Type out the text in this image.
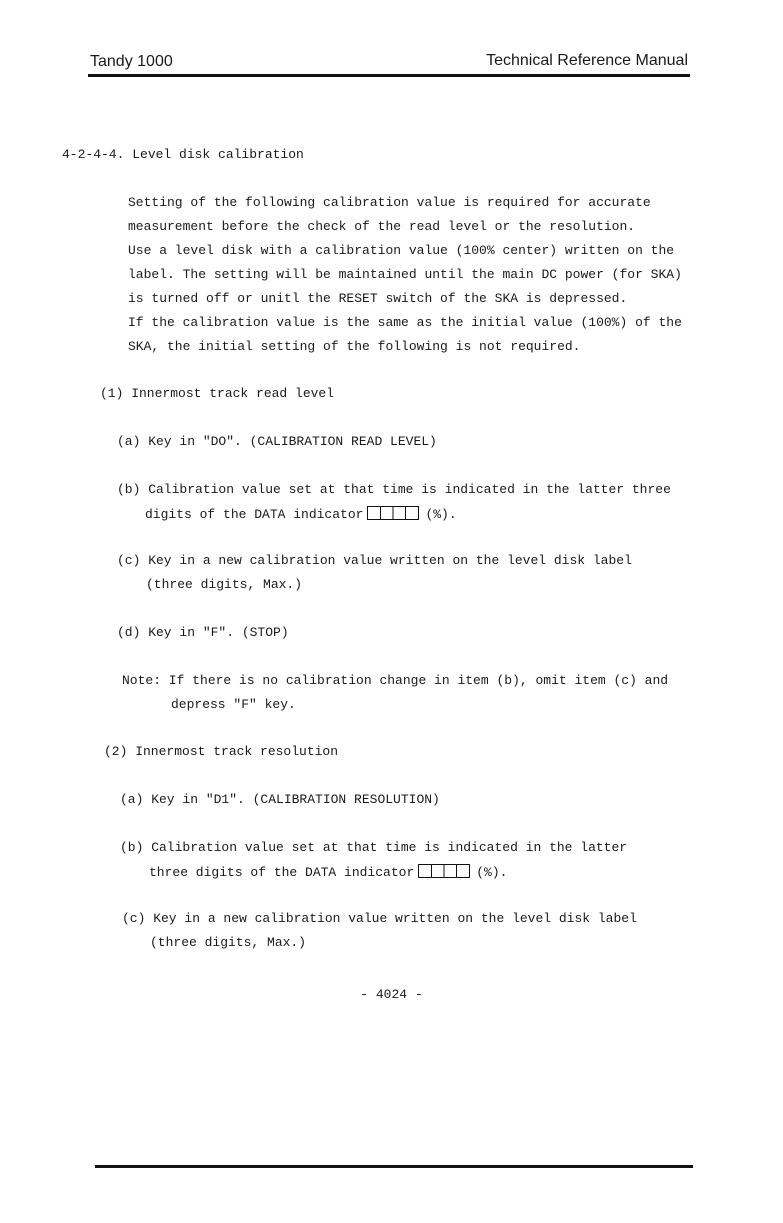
Tandy 1000	Technical Reference Manual
4-2-4-4. Level disk calibration
Setting of the following calibration value is required for accurate
measurement before the check of the read level or the resolution.
Use a level disk with a calibration value (100% center) written on the
label. The setting will be maintained until the main DC power (for SKA)
is turned off or unitl the RESET switch of the SKA is depressed.
If the calibration value is the same as the initial value (100%) of the
SKA, the initial setting of the following is not required.
(1) Innermost track read level
(a) Key in "DO". (CALIBRATION READ LEVEL)
(b) Calibration value set at that time is indicated in the latter three
digits of the DATA indicator	(%).
(c) Key in a new calibration value written on the level disk label
(three digits, Max.)
(d) Key in "F". (STOP)
Note: If there is no calibration change in item (b), omit item (c) and
depress "F" key.
(2) Innermost track resolution
(a) Key in "D1". (CALIBRATION RESOLUTION)
(b) Calibration value set at that time is indicated in the latter
three digits of the DATA indicator	(%).
(c) Key in a new calibration value written on the level disk label
(three digits, Max.)
- 4024 -
